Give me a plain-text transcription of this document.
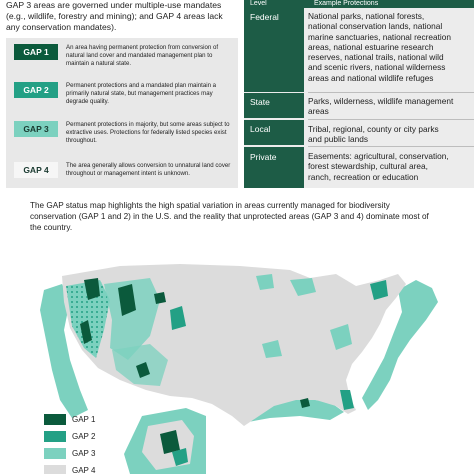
GAP 3 areas are governed under multiple-use mandates (e.g., wildlife, forestry and mining); and GAP 4 areas lack any conservation mandates).
GAP 1	An area having permanent protection from conversion of natural land cover and mandated management plan to maintain a natural state.
GAP 2	Permanent protections and a mandated plan maintain a primarily natural state, but management practices may degrade quality.
GAP 3	Permanent protections in majority, but some areas subject to extractive uses. Protections for federally listed species exist throughout.
GAP 4	The area generally allows conversion to unnatural land cover throughout or management intent is unknown.
Level	Example Protections
Federal	National parks, national forests,
national conservation lands, national
marine sanctuaries, national recreation
areas, national estuarine research
reserves, national trails, national wild
and scenic rivers, national wilderness
areas and national wildlife refuges
State	Parks, wilderness, wildlife management
areas
Local	Tribal, regional, county or city parks
and public lands
Private	Easements: agricultural, conservation,
forest stewardship, cultural area,
ranch, recreation or education
The GAP status map highlights the high spatial variation in areas currently managed for biodiversity
conservation (GAP 1 and 2) in the U.S. and the reality that unprotected areas (GAP 3 and 4) dominate most of
the country.
GAP 1
GAP 2
GAP 3
GAP 4
